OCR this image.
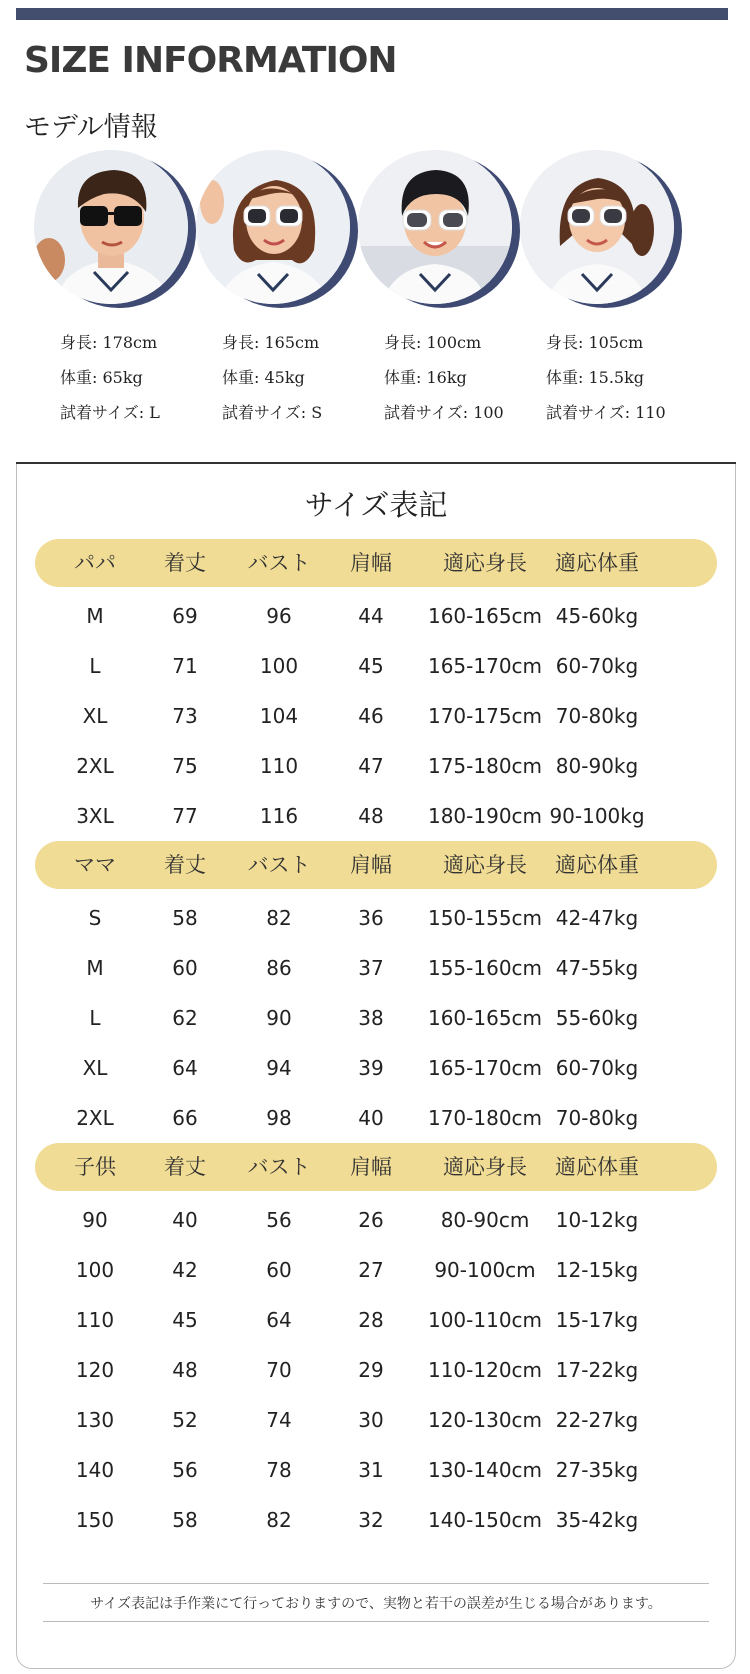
SIZE INFORMATION
モデル情報
身長: 178cm
体重: 65kg
試着サイズ: L
身長: 165cm
体重: 45kg
試着サイズ: S
身長: 100cm
体重: 16kg
試着サイズ: 100
身長: 105cm
体重: 15.5kg
試着サイズ: 110
サイズ表記
パパ 着丈 バスト 肩幅 適応身長 適応体重
M	69	96	44 160-165cm 45-60kg
L	71	100	45 165-170cm 60-70kg
XL	73	104	46 170-175cm 70-80kg
2XL	75	110	47 175-180cm 80-90kg
3XL	77	116	48 180-190cm 90-100kg
ママ 着丈 バスト 肩幅 適応身長 適応体重
S	58	82	36 150-155cm 42-47kg
M	60	86	37 155-160cm 47-55kg
L	62	90	38 160-165cm 55-60kg
XL	64	94	39 165-170cm 60-70kg
2XL	66	98	40 170-180cm 70-80kg
子供 着丈 バスト 肩幅 適応身長 適応体重
90	40	56	26	80-90cm 10-12kg
100	42	60	27	90-100cm 12-15kg
110	45	64	28 100-110cm 15-17kg
120	48	70	29 110-120cm 17-22kg
130	52	74	30 120-130cm 22-27kg
140	56	78	31 130-140cm 27-35kg
150	58	82	32 140-150cm 35-42kg
サイズ表記は手作業にて行っておりますので、実物と若干の誤差が生じる場合があります。
